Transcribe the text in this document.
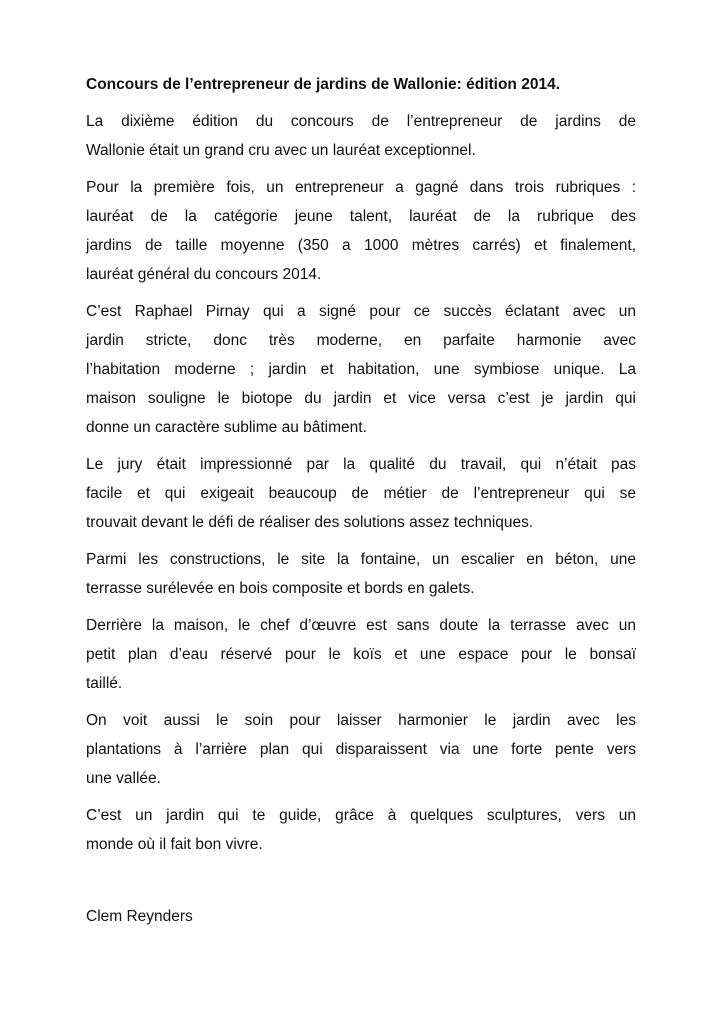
Concours de l’entrepreneur de jardins de Wallonie: édition 2014.
La dixième édition du concours de l’entrepreneur de jardins de
Wallonie était un grand cru avec un lauréat exceptionnel.
Pour la première fois, un entrepreneur a gagné dans trois rubriques :
lauréat de la catégorie jeune talent, lauréat de la rubrique des
jardins de taille moyenne (350 a 1000 mètres carrés) et finalement,
lauréat général du concours 2014.
C’est Raphael Pirnay qui a signé pour ce succès éclatant avec un
jardin stricte, donc très moderne, en parfaite harmonie avec
l’habitation moderne ; jardin et habitation, une symbiose unique. La
maison souligne le biotope du jardin et vice versa c’est je jardin qui
donne un caractère sublime au bâtiment.
Le jury était impressionné par la qualité du travail, qui n’était pas
facile et qui exigeait beaucoup de métier de l’entrepreneur qui se
trouvait devant le défi de réaliser des solutions assez techniques.
Parmi les constructions, le site la fontaine, un escalier en béton, une
terrasse surélevée en bois composite et bords en galets.
Derrière la maison, le chef d’œuvre est sans doute la terrasse avec un
petit plan d’eau réservé pour le koïs et une espace pour le bonsaï
taillé.
On voit aussi le soin pour laisser harmonier le jardin avec les
plantations à l’arrière plan qui disparaissent via une forte pente vers
une vallée.
C’est un jardin qui te guide, grâce à quelques sculptures, vers un
monde où il fait bon vivre.
Clem Reynders
